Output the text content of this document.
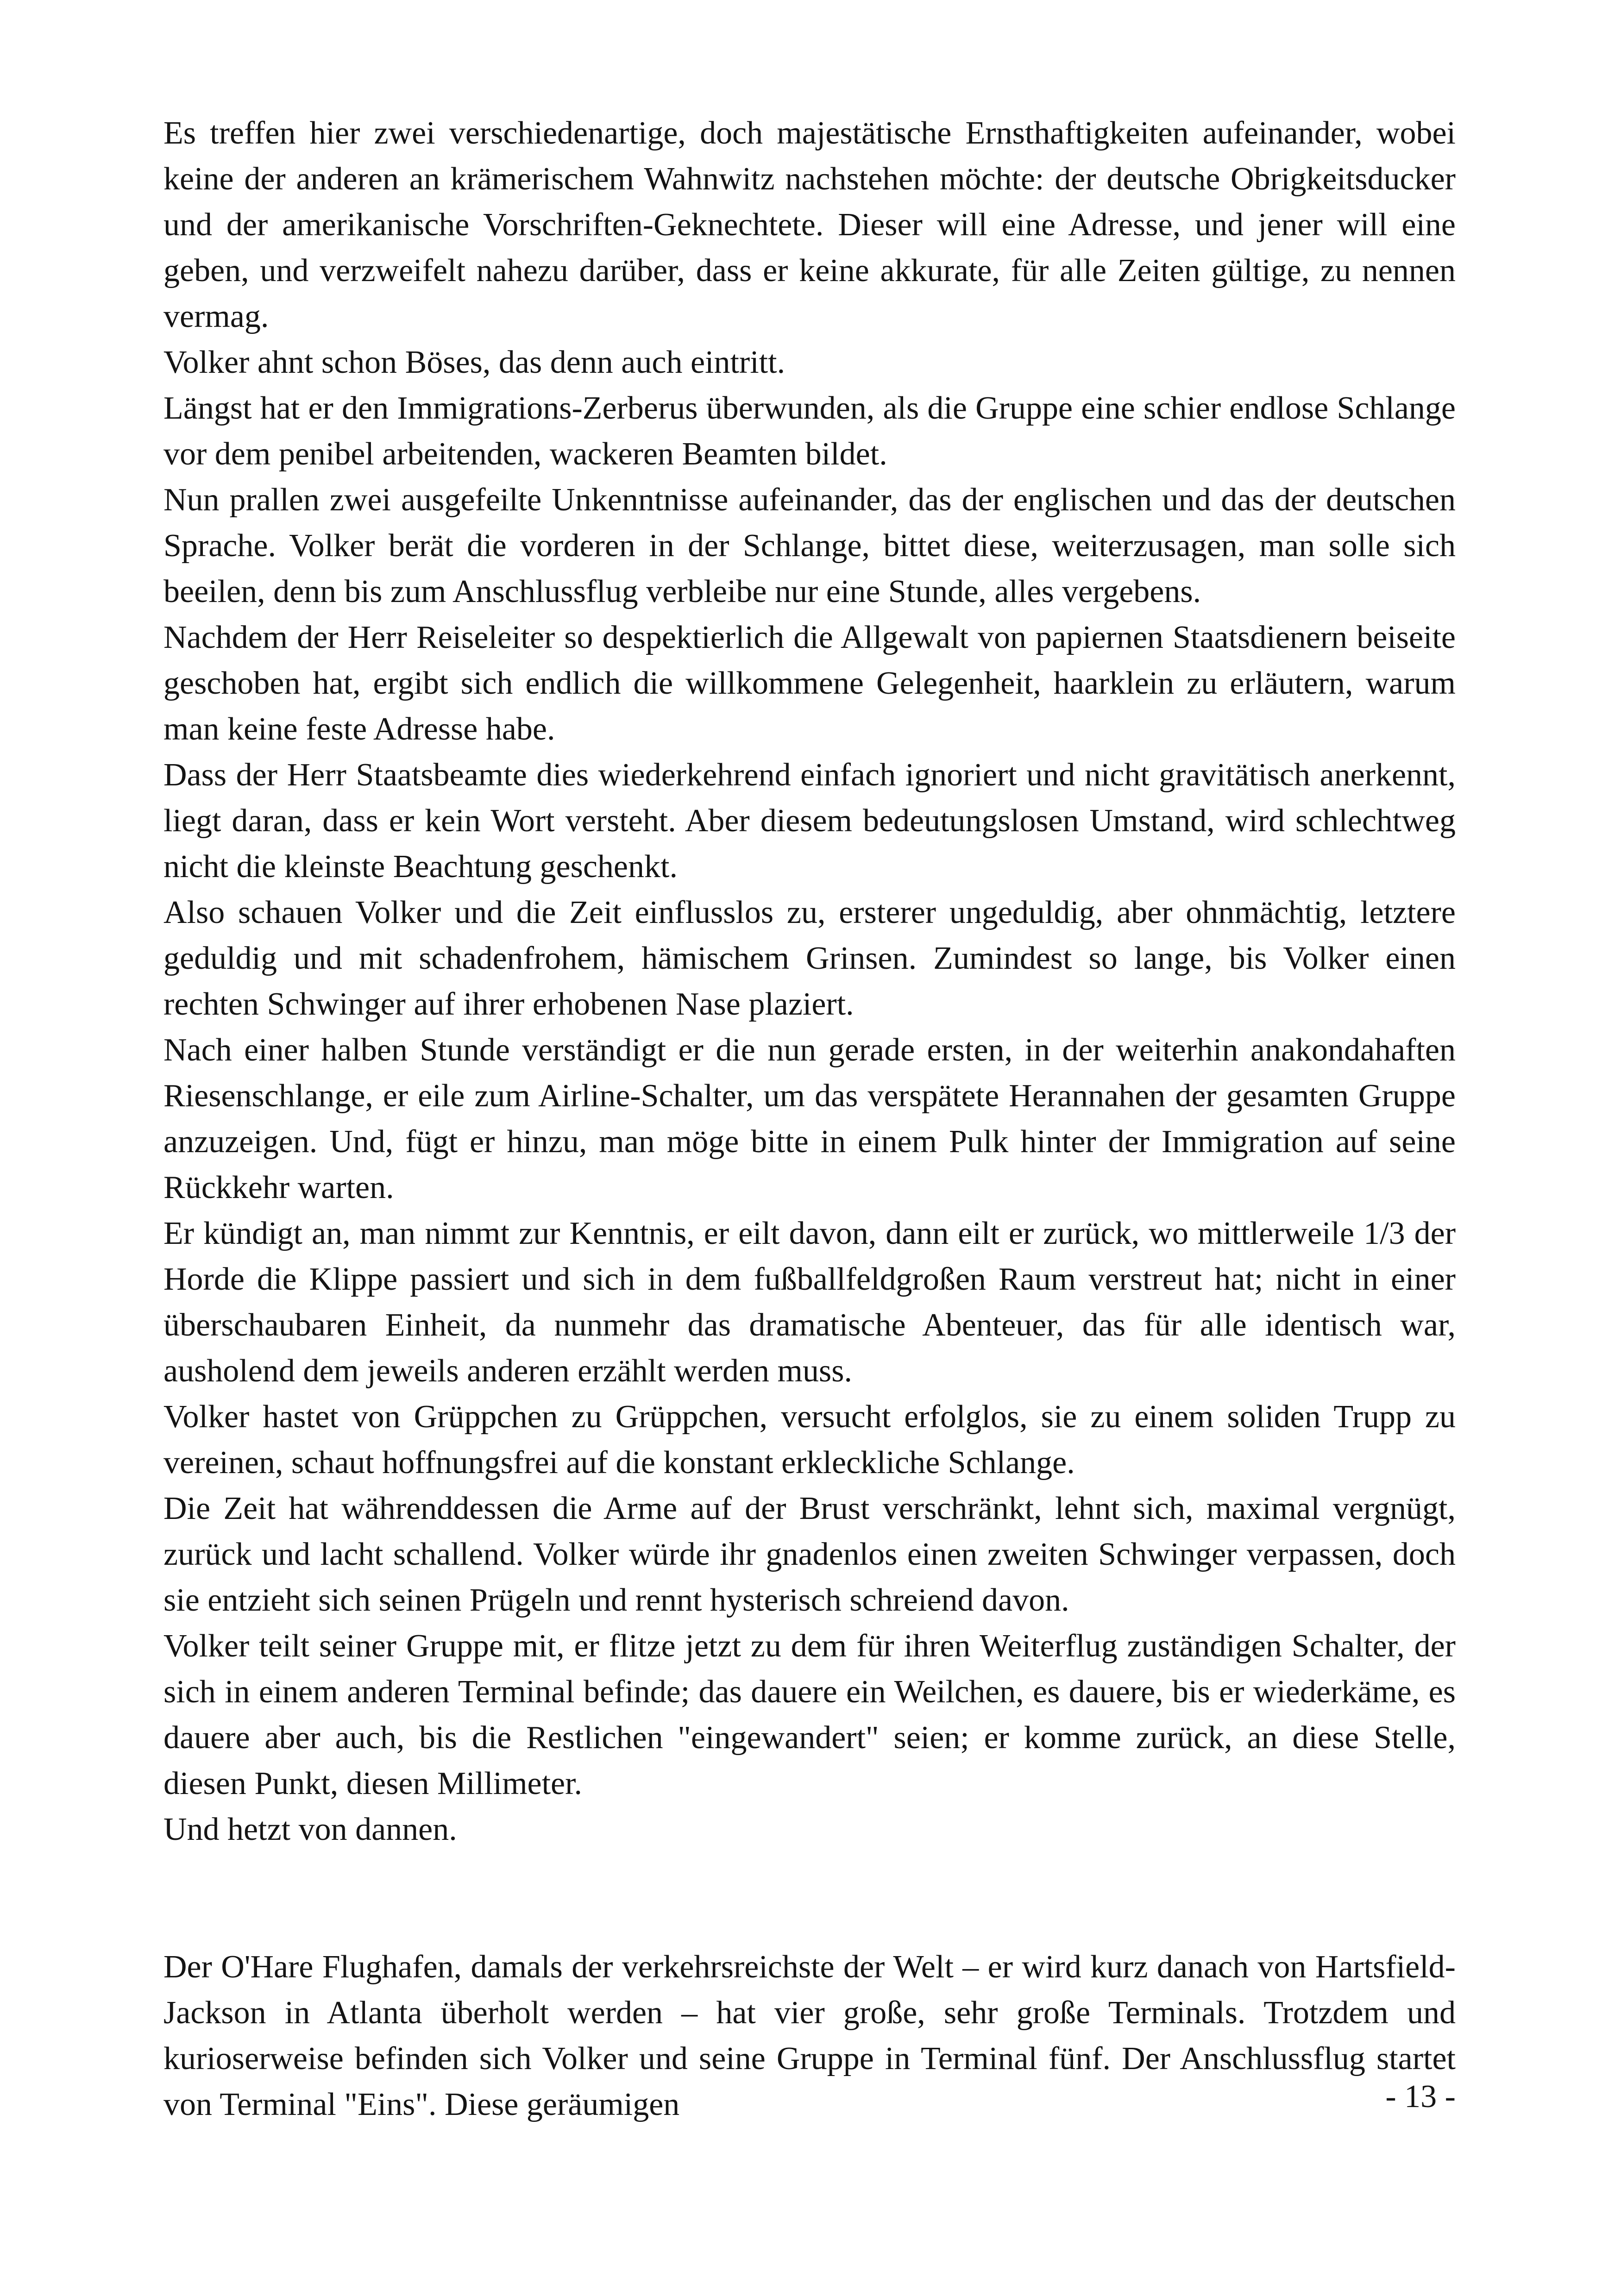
Es treffen hier zwei verschiedenartige, doch majestätische Ernsthaftigkeiten aufeinander, wobei keine der anderen an krämerischem Wahnwitz nachstehen möchte: der deutsche Obrigkeitsducker und der amerikanische Vorschriften-Geknechtete. Dieser will eine Adresse, und jener will eine geben, und verzweifelt nahezu darüber, dass er keine akkurate, für alle Zeiten gültige, zu nennen vermag.

Volker ahnt schon Böses, das denn auch eintritt.

Längst hat er den Immigrations-Zerberus überwunden, als die Gruppe eine schier endlose Schlange vor dem penibel arbeitenden, wackeren Beamten bildet.

Nun prallen zwei ausgefeilte Unkenntnisse aufeinander, das der englischen und das der deutschen Sprache. Volker berät die vorderen in der Schlange, bittet diese, weiterzusagen, man solle sich beeilen, denn bis zum Anschlussflug verbleibe nur eine Stunde, alles vergebens.

Nachdem der Herr Reiseleiter so despektierlich die Allgewalt von papiernen Staatsdienern beiseite geschoben hat, ergibt sich endlich die willkommene Gelegenheit, haarklein zu erläutern, warum man keine feste Adresse habe.

Dass der Herr Staatsbeamte dies wiederkehrend einfach ignoriert und nicht gravitätisch anerkennt, liegt daran, dass er kein Wort versteht. Aber diesem bedeutungslosen Umstand, wird schlechtweg nicht die kleinste Beachtung geschenkt.

Also schauen Volker und die Zeit einflusslos zu, ersterer ungeduldig, aber ohnmächtig, letztere geduldig und mit schadenfrohem, hämischem Grinsen. Zumindest so lange, bis Volker einen rechten Schwinger auf ihrer erhobenen Nase plaziert.

Nach einer halben Stunde verständigt er die nun gerade ersten, in der weiterhin anakondahaften Riesenschlange, er eile zum Airline-Schalter, um das verspätete Herannahen der gesamten Gruppe anzuzeigen. Und, fügt er hinzu, man möge bitte in einem Pulk hinter der Immigration auf seine Rückkehr warten.

Er kündigt an, man nimmt zur Kenntnis, er eilt davon, dann eilt er zurück, wo mittlerweile 1/3 der Horde die Klippe passiert und sich in dem fußballfeldgroßen Raum verstreut hat; nicht in einer überschaubaren Einheit, da nunmehr das dramatische Abenteuer, das für alle identisch war, ausholend dem jeweils anderen erzählt werden muss.

Volker hastet von Grüppchen zu Grüppchen, versucht erfolglos, sie zu einem soliden Trupp zu vereinen, schaut hoffnungsfrei auf die konstant erkleckliche Schlange.

Die Zeit hat währenddessen die Arme auf der Brust verschränkt, lehnt sich, maximal vergnügt, zurück und lacht schallend. Volker würde ihr gnadenlos einen zweiten Schwinger verpassen, doch sie entzieht sich seinen Prügeln und rennt hysterisch schreiend davon.

Volker teilt seiner Gruppe mit, er flitze jetzt zu dem für ihren Weiterflug zuständigen Schalter, der sich in einem anderen Terminal befinde; das dauere ein Weilchen, es dauere, bis er wiederkäme, es dauere aber auch, bis die Restlichen "eingewandert" seien; er komme zurück, an diese Stelle, diesen Punkt, diesen Millimeter.

Und hetzt von dannen.

Der O'Hare Flughafen, damals der verkehrsreichste der Welt – er wird kurz danach von Hartsfield-Jackson in Atlanta überholt werden – hat vier große, sehr große Terminals. Trotzdem und kurioserweise befinden sich Volker und seine Gruppe in Terminal fünf. Der Anschlussflug startet von Terminal "Eins". Diese geräumigen	- 13 -
